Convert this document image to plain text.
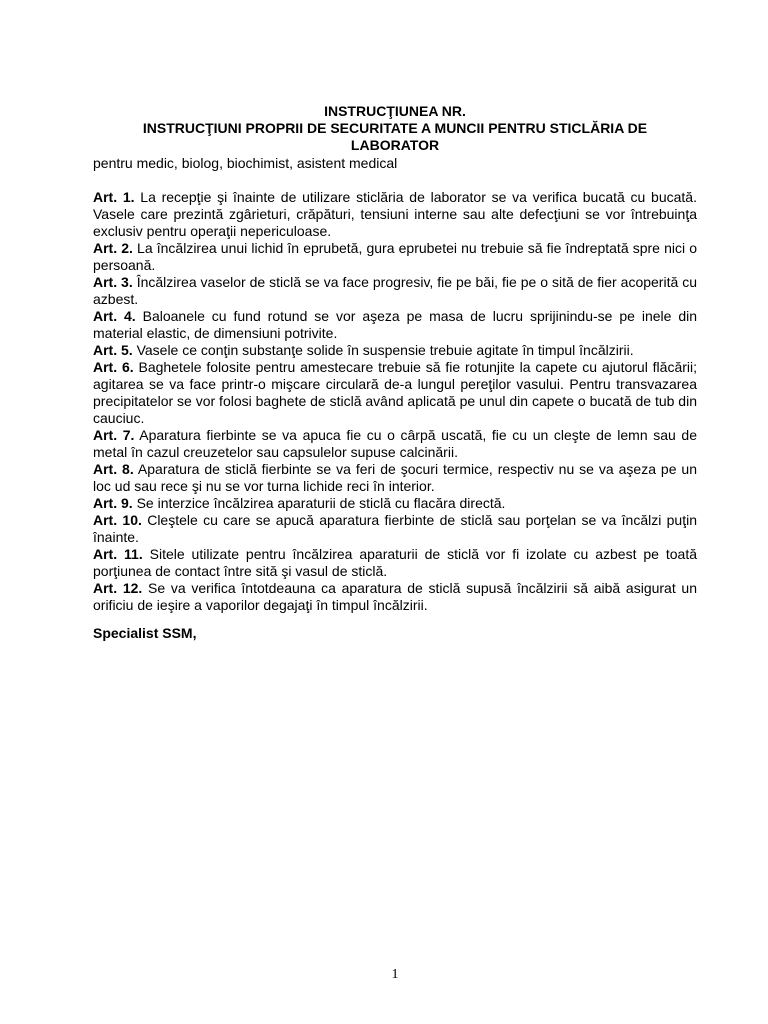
INSTRUCŢIUNEA NR.
INSTRUCŢIUNI PROPRII DE SECURITATE A MUNCII PENTRU STICLĂRIA DE
LABORATOR
pentru medic, biolog, biochimist, asistent medical

Art. 1. La recepţie şi înainte de utilizare sticlăria de laborator se va verifica bucată cu bucată. Vasele care prezintă zgârieturi, crăpături, tensiuni interne sau alte defecţiuni se vor întrebuinţa exclusiv pentru operaţii nepericuloase.

Art. 2. La încălzirea unui lichid în eprubetă, gura eprubetei nu trebuie să fie îndreptată spre nici o persoană.

Art. 3. Încălzirea vaselor de sticlă se va face progresiv, fie pe băi, fie pe o sită de fier acoperită cu azbest.

Art. 4. Baloanele cu fund rotund se vor aşeza pe masa de lucru sprijinindu-se pe inele din material elastic, de dimensiuni potrivite.

Art. 5. Vasele ce conţin substanţe solide în suspensie trebuie agitate în timpul încălzirii.

Art. 6. Baghetele folosite pentru amestecare trebuie să fie rotunjite la capete cu ajutorul flăcării; agitarea se va face printr-o mişcare circulară de-a lungul pereţilor vasului. Pentru transvazarea precipitatelor se vor folosi baghete de sticlă având aplicată pe unul din capete o bucată de tub din cauciuc.

Art. 7. Aparatura fierbinte se va apuca fie cu o cârpă uscată, fie cu un cleşte de lemn sau de metal în cazul creuzetelor sau capsulelor supuse calcinării.

Art. 8. Aparatura de sticlă fierbinte se va feri de şocuri termice, respectiv nu se va aşeza pe un loc ud sau rece şi nu se vor turna lichide reci în interior.

Art. 9. Se interzice încălzirea aparaturii de sticlă cu flacăra directă.

Art. 10. Cleştele cu care se apucă aparatura fierbinte de sticlă sau porţelan se va încălzi puţin înainte.

Art. 11. Sitele utilizate pentru încălzirea aparaturii de sticlă vor fi izolate cu azbest pe toată porţiunea de contact între sită şi vasul de sticlă.

Art. 12. Se va verifica întotdeauna ca aparatura de sticlă supusă încălzirii să aibă asigurat un orificiu de ieşire a vaporilor degajaţi în timpul încălzirii.

Specialist SSM,
1
